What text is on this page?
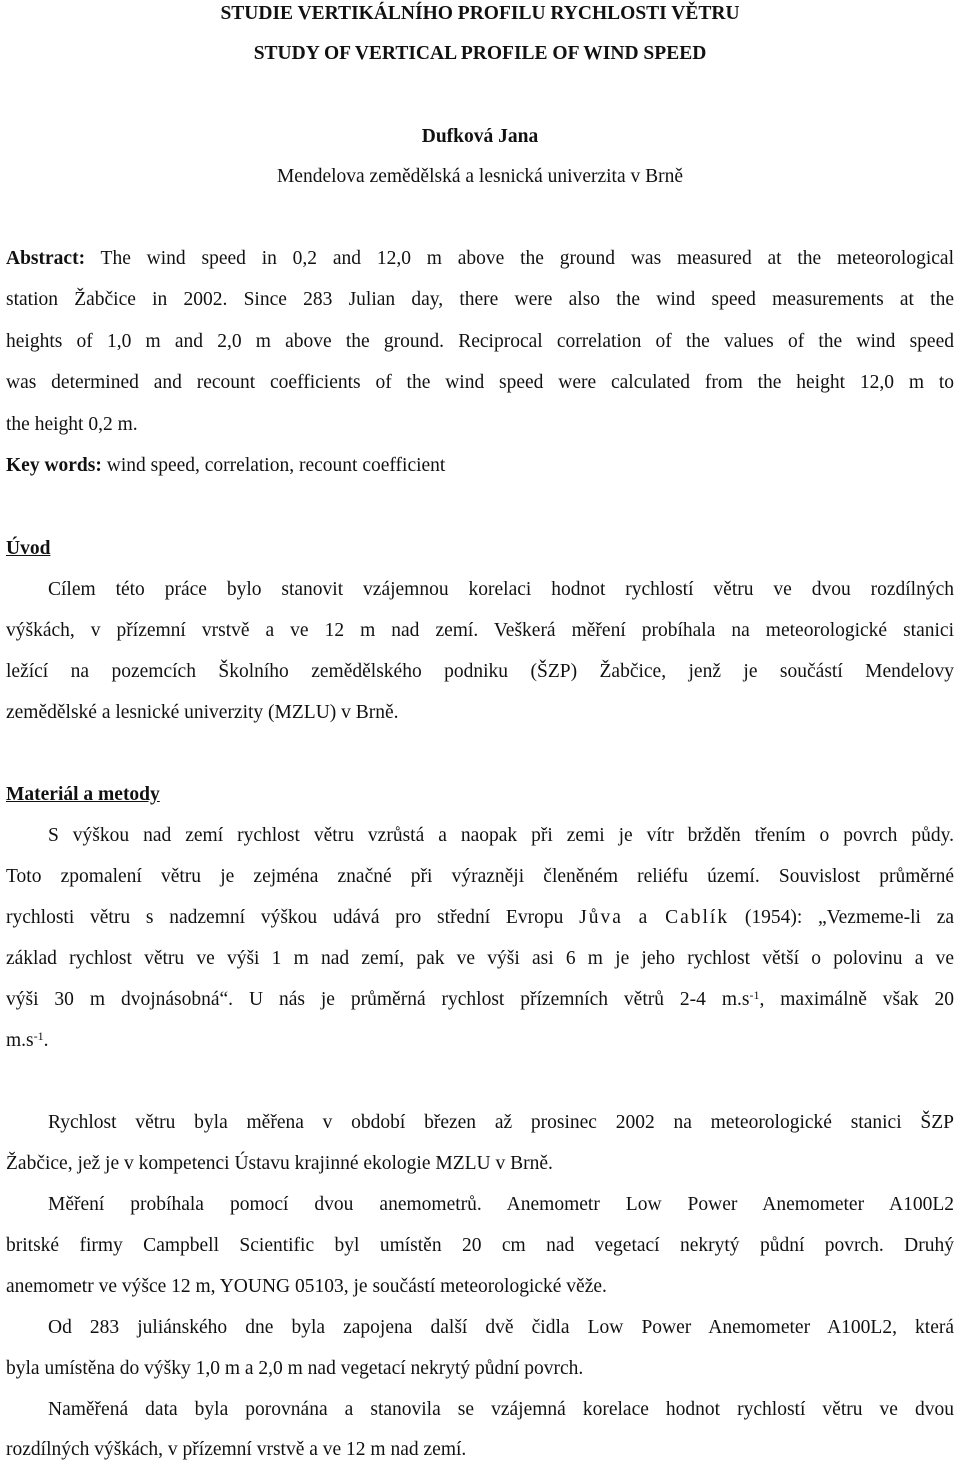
STUDIE VERTIKÁLNÍHO PROFILU RYCHLOSTI VĚTRU
STUDY OF VERTICAL PROFILE OF WIND SPEED
Dufková Jana
Mendelova zemědělská a lesnická univerzita v Brně
Abstract: The wind speed in 0,2 and 12,0 m above the ground was measured at the meteorological
station Žabčice in 2002. Since 283 Julian day, there were also the wind speed measurements at the
heights of 1,0 m and 2,0 m above the ground. Reciprocal correlation of the values of the wind speed
was determined and recount coefficients of the wind speed were calculated from the height 12,0 m to
the height 0,2 m.
Key words: wind speed, correlation, recount coefficient
Úvod
Cílem této práce bylo stanovit vzájemnou korelaci hodnot rychlostí větru ve dvou rozdílných
výškách, v přízemní vrstvě a ve 12 m nad zemí. Veškerá měření probíhala na meteorologické stanici
ležící na pozemcích Školního zemědělského podniku (ŠZP) Žabčice, jenž je součástí Mendelovy
zemědělské a lesnické univerzity (MZLU) v Brně.
Materiál a metody
S výškou nad zemí rychlost větru vzrůstá a naopak při zemi je vítr bržděn třením o povrch půdy.
Toto zpomalení větru je zejména značné při výrazněji členěném reliéfu území. Souvislost průměrné
rychlosti větru s nadzemní výškou udává pro střední Evropu Jůva a Cablík (1954): „Vezmeme-li za
základ rychlost větru ve výši 1 m nad zemí, pak ve výši asi 6 m je jeho rychlost větší o polovinu a ve
výši 30 m dvojnásobná“. U nás je průměrná rychlost přízemních větrů 2-4 $m.s^{-1}$, maximálně však 20
$m.s^{-1}$.
Rychlost větru byla měřena v období březen až prosinec 2002 na meteorologické stanici ŠZP
Žabčice, jež je v kompetenci Ústavu krajinné ekologie MZLU v Brně.
Měření probíhala pomocí dvou anemometrů. Anemometr Low Power Anemometer A100L2
britské firmy Campbell Scientific byl umístěn 20 cm nad vegetací nekrytý půdní povrch. Druhý
anemometr ve výšce 12 m, YOUNG 05103, je součástí meteorologické věže.
Od 283 juliánského dne byla zapojena další dvě čidla Low Power Anemometer A100L2, která
byla umístěna do výšky 1,0 m a 2,0 m nad vegetací nekrytý půdní povrch.
Naměřená data byla porovnána a stanovila se vzájemná korelace hodnot rychlostí větru ve dvou
rozdílných výškách, v přízemní vrstvě a ve 12 m nad zemí.
